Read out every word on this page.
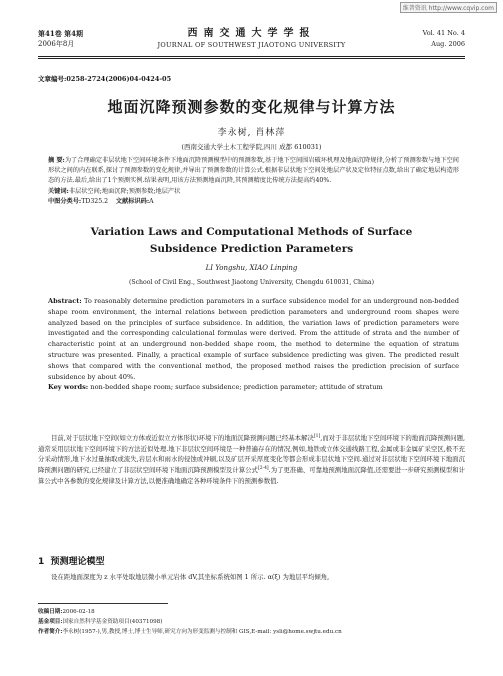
维普资讯 http://www.cqvip.com
第41卷 第4期
2006年8月
西南交通大学学报
JOURNAL OF SOUTHWEST JIAOTONG UNIVERSITY
Vol. 41 No. 4
Aug. 2006
文章编号:0258-2724(2006)04-0424-05
地面沉降预测参数的变化规律与计算方法
李永树, 肖林萍
(西南交通大学土木工程学院,四川 成都 610031)
摘 要:为了合理确定非层状地下空间环境条件下地面沉降预测模型中的预测参数,基于地下空间围岩破坏机理及地面沉降规律,分析了预测参数与地下空间形状之间的内在联系,探讨了预测参数的变化规律,并导出了预测参数的计算公式.根据非层状地下空间处地层产状及定位特征点数,给出了确定地层构造形态的方法.最后,给出了1个预测实例.结果表明,用该方法预测地面沉降,其预测精度比传统方法提高约40%.
关键词:非层状空间;地面沉降;预测参数;地层产状
中图分类号:TD325.2 文献标识码:A
Variation Laws and Computational Methods of Surface
Subsidence Prediction Parameters
LI Yongshu, XIAO Linping
(School of Civil Eng., Southwest Jiaotong University, Chengdu 610031, China)
Abstract: To reasonably determine prediction parameters in a surface subsidence model for an underground non-bedded shape room environment, the internal relations between prediction parameters and underground room shapes were analyzed based on the principles of surface subsidence. In addition, the variation laws of prediction parameters were investigated and the corresponding calculational formulas were derived. From the attitude of strata and the number of characteristic point at an underground non-bedded shape room, the method to determine the equation of stratum structure was presented. Finally, a practical example of surface subsidence predicting was given. The predicted result shows that compared with the conventional method, the proposed method raises the prediction precision of surface subsidence by about 40%.
Key words: non-bedded shape room; surface subsidence; prediction parameter; attitude of stratum
目前,对于层状地下空间(如立方体或近似立方体形状)环境下的地面沉降预测问题已经基本解决[1],而对于非层状地下空间环境下的地面沉降预测问题,通常采用层状地下空间环境下的方法近似处理.地下非层状空间环境是一种普遍存在的情况,例如,地铁或立体交通线路工程,金属或非金属矿采空区,极不充分采动情形,地下水过量抽取或流失,岩层水和雨水的侵蚀或冲刷,以及矿层开采厚度变化等都会形成非层状地下空间.通过对非层状地下空间环境下地面沉降预测问题的研究,已经建立了非层状空间环境下地面沉降预测模型及计算公式[2-4].为了更准确、可靠地预测地面沉降值,还需要进一步研究预测模型和计算公式中各参数的变化规律及计算方法,以便准确地确定各种环境条件下的预测参数值.
1 预测理论模型
设在距地面深度为 z 水平处取地层微小单元岩体 dV,其坐标系统如图 1 所示. α(ξ) 为地层平均倾角,
收稿日期:2006-02-18
基金项目:国家自然科学基金资助项目(40371098)
作者简介:李永树(1957-),男,教授,博士,博士生导师,研究方向为形变监测与控制和 GIS,E-mail: ysli@home.swjtu.edu.cn
